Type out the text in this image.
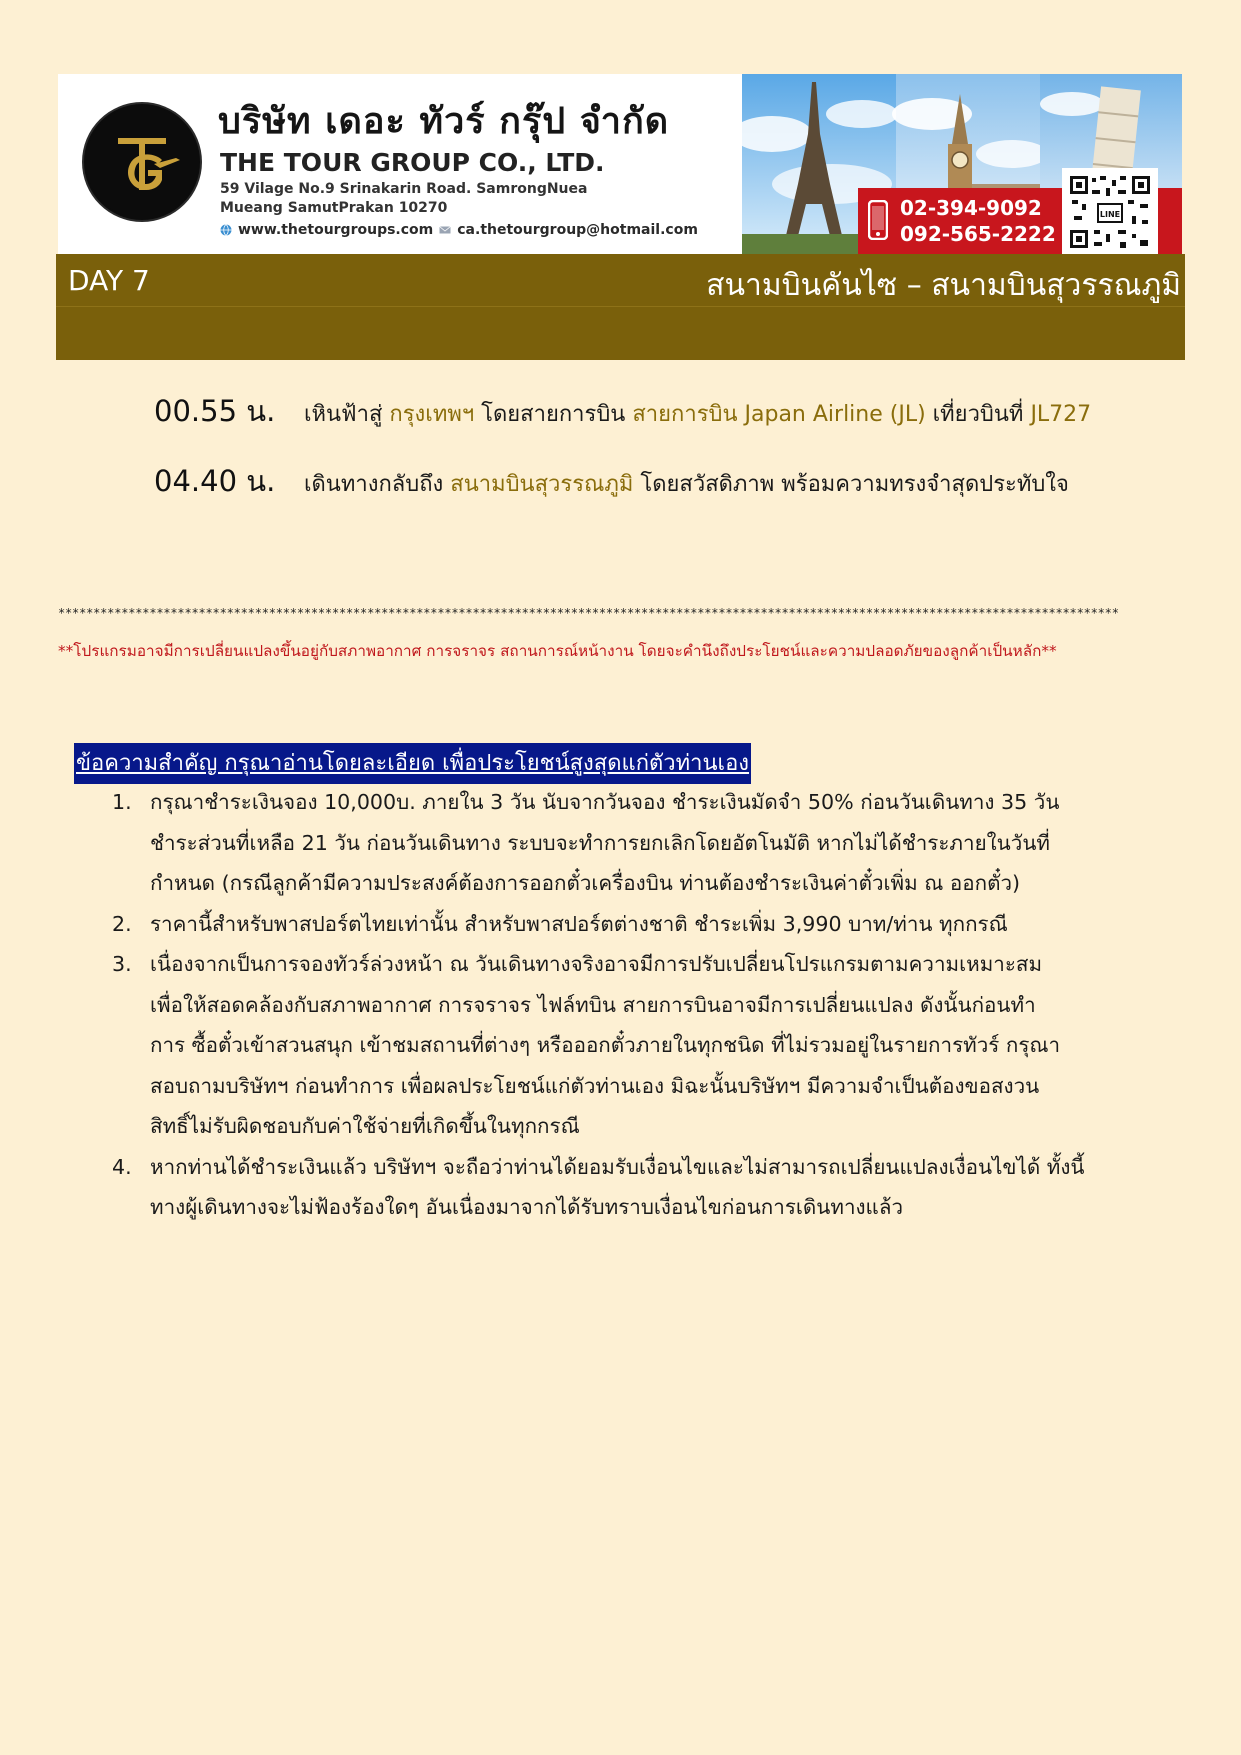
บริษัท เดอะ ทัวร์ กรุ๊ป จำกัด
THE TOUR GROUP CO., LTD.
59 Vilage No.9 Srinakarin Road. SamrongNuea
Mueang SamutPrakan 10270
www.thetourgroups.com ca.thetourgroup@hotmail.com
02-394-9092
092-565-2222
LINE
DAY 7	สนามบินคันไซ – สนามบินสุวรรณภูมิ
00.55 น.	เหินฟ้าสู่ กรุงเทพฯ โดยสายการบิน สายการบิน Japan Airline (JL) เที่ยวบินที่ JL727
04.40 น.	เดินทางกลับถึง สนามบินสุวรรณภูมิ โดยสวัสดิภาพ พร้อมความทรงจำสุดประทับใจ
*******************************************************************************************************************************************************
**โปรแกรมอาจมีการเปลี่ยนแปลงขึ้นอยู่กับสภาพอากาศ การจราจร สถานการณ์หน้างาน โดยจะคำนึงถึงประโยชน์และความปลอดภัยของลูกค้าเป็นหลัก**
ข้อความสำคัญ กรุณาอ่านโดยละเอียด เพื่อประโยชน์สูงสุดแก่ตัวท่านเอง
1. กรุณาชำระเงินจอง 10,000บ. ภายใน 3 วัน นับจากวันจอง ชำระเงินมัดจำ 50% ก่อนวันเดินทาง 35 วัน
ชำระส่วนที่เหลือ 21 วัน ก่อนวันเดินทาง ระบบจะทำการยกเลิกโดยอัตโนมัติ หากไม่ได้ชำระภายในวันที่
กำหนด (กรณีลูกค้ามีความประสงค์ต้องการออกตั๋วเครื่องบิน ท่านต้องชำระเงินค่าตั๋วเพิ่ม ณ ออกตั๋ว)
2. ราคานี้สำหรับพาสปอร์ตไทยเท่านั้น สำหรับพาสปอร์ตต่างชาติ ชำระเพิ่ม 3,990 บาท/ท่าน ทุกกรณี
3. เนื่องจากเป็นการจองทัวร์ล่วงหน้า ณ วันเดินทางจริงอาจมีการปรับเปลี่ยนโปรแกรมตามความเหมาะสม
เพื่อให้สอดคล้องกับสภาพอากาศ การจราจร ไฟล์ทบิน สายการบินอาจมีการเปลี่ยนแปลง ดังนั้นก่อนทำ
การ ซื้อตั๋วเข้าสวนสนุก เข้าชมสถานที่ต่างๆ หรือออกตั๋วภายในทุกชนิด ที่ไม่รวมอยู่ในรายการทัวร์ กรุณา
สอบถามบริษัทฯ ก่อนทำการ เพื่อผลประโยชน์แก่ตัวท่านเอง มิฉะนั้นบริษัทฯ มีความจำเป็นต้องขอสงวน
สิทธิ์ไม่รับผิดชอบกับค่าใช้จ่ายที่เกิดขึ้นในทุกกรณี
4. หากท่านได้ชำระเงินแล้ว บริษัทฯ จะถือว่าท่านได้ยอมรับเงื่อนไขและไม่สามารถเปลี่ยนแปลงเงื่อนไขได้ ทั้งนี้
ทางผู้เดินทางจะไม่ฟ้องร้องใดๆ อันเนื่องมาจากได้รับทราบเงื่อนไขก่อนการเดินทางแล้ว
